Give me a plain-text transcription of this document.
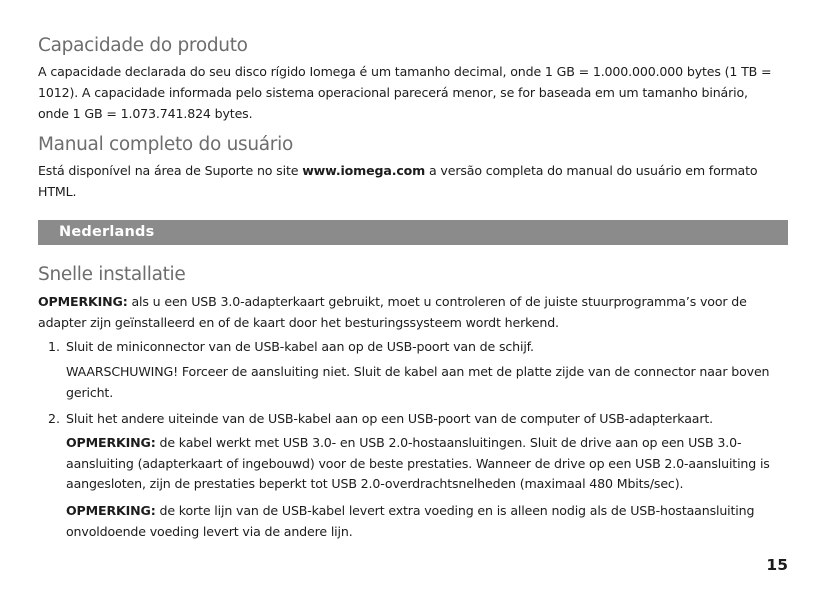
Capacidade do produto

A capacidade declarada do seu disco rígido Iomega é um tamanho decimal, onde 1 GB = 1.000.000.000 bytes (1 TB = 1012). A capacidade informada pelo sistema operacional parecerá menor, se for baseada em um tamanho binário, onde 1 GB = 1.073.741.824 bytes.

Manual completo do usuário

Está disponível na área de Suporte no site www.iomega.com a versão completa do manual do usuário em formato HTML.

Nederlands
Snelle installatie

OPMERKING: als u een USB 3.0-adapterkaart gebruikt, moet u controleren of de juiste stuurprogramma’s voor de adapter zijn geïnstalleerd en of de kaart door het besturingssysteem wordt herkend.

1. Sluit de miniconnector van de USB-kabel aan op de USB-poort van de schijf.

WAARSCHUWING! Forceer de aansluiting niet. Sluit de kabel aan met de platte zijde van de connector naar boven gericht.

2. Sluit het andere uiteinde van de USB-kabel aan op een USB-poort van de computer of USB-adapterkaart.

OPMERKING: de kabel werkt met USB 3.0- en USB 2.0-hostaansluitingen. Sluit de drive aan op een USB 3.0-aansluiting (adapterkaart of ingebouwd) voor de beste prestaties. Wanneer de drive op een USB 2.0-aansluiting is aangesloten, zijn de prestaties beperkt tot USB 2.0-overdrachtsnelheden (maximaal 480 Mbits/sec).

OPMERKING: de korte lijn van de USB-kabel levert extra voeding en is alleen nodig als de USB-hostaansluiting onvoldoende voeding levert via de andere lijn.

15
